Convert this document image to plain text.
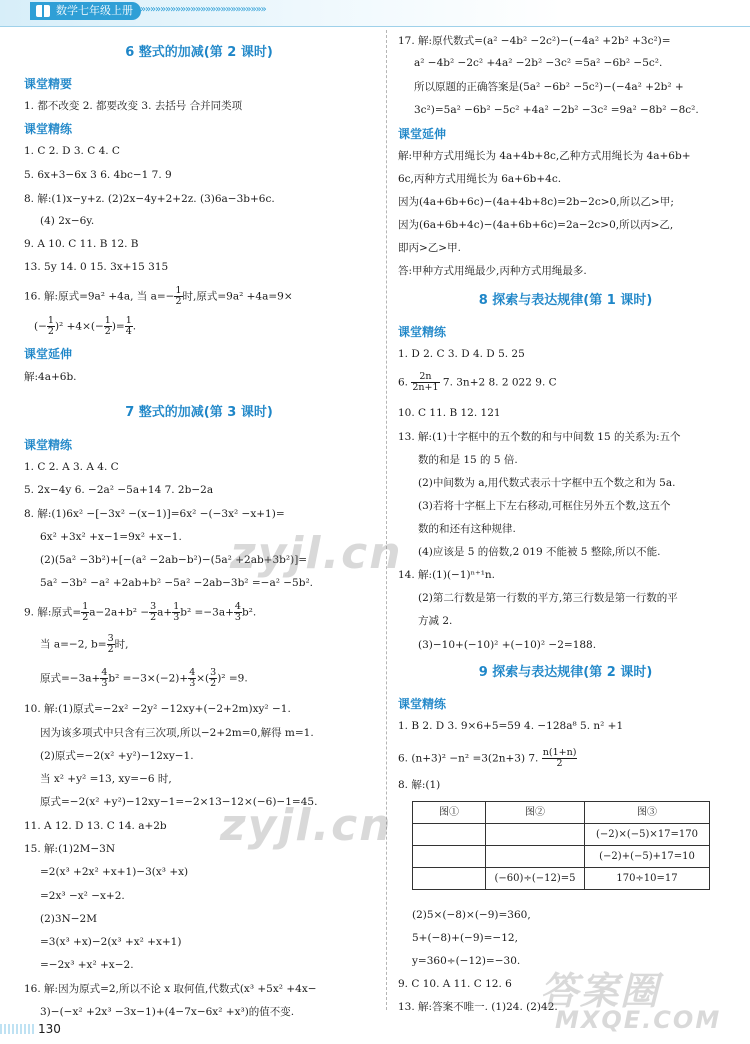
数学七年级上册 »»»»»»»»»»»»»»»»»»»»»»»»»
6 整式的加减(第 2 课时)
课堂精要
1. 都不改变 2. 都要改变 3. 去括号 合并同类项
课堂精练
1. C 2. D 3. C 4. C
5. 6x+3−6x 3 6. 4bc−1 7. 9
8. 解:(1)x−y+z. (2)2x−4y+2+2z. (3)6a−3b+6c.
(4) 2x−6y.
9. A 10. C 11. B 12. B
13. 5y 14. 0 15. 3x+15 315
16. 解:原式=9a² +4a, 当 $a=- \frac{1}{2}$ 时,原式=9a² +4a=9×
(− $\frac{1}{2} )^2 +4\times(- \frac{1}{2}$ )= $\frac{1}{4}$ .
课堂延伸
解:4a+6b.
7 整式的加减(第 3 课时)
课堂精练
1. C 2. A 3. A 4. C
5. 2x−4y 6. −2a² −5a+14 7. 2b−2a
8. 解:(1)6x² −[−3x² −(x−1)]=6x² −(−3x² −x+1)=
6x² +3x² +x−1=9x² +x−1.
(2)(5a² −3b²)+[−(a² −2ab−b²)−(5a² +2ab+3b²)]=
5a² −3b² −a² +2ab+b² −5a² −2ab−3b² =−a² −5b².
9. 解:原式= $\frac{1}{2} a-2a+b^2 - \frac{3}{2} a+ \frac{1}{3} b^2 =-3a+ \frac{4}{3} b^2$.
当 a=−2, $b= \frac{3}{2}$ 时,
原式$=-3a+ \frac{4}{3} b^2 =-3\times(-2)+ \frac{4}{3}$ ×( $\frac{3}{2} )^2 =9$.
10. 解:(1)原式=−2x² −2y² −12xy+(−2+2m)xy² −1.
因为该多项式中只含有三次项,所以−2+2m=0,解得 m=1.
(2)原式=−2(x² +y²)−12xy−1.
当 x² +y² =13, xy=−6 时,
原式=−2(x² +y²)−12xy−1=−2×13−12×(−6)−1=45.
11. A 12. D 13. C 14. a+2b
15. 解:(1)2M−3N
=2(x³ +2x² +x+1)−3(x³ +x)
=2x³ −x² −x+2.
(2)3N−2M
=3(x³ +x)−2(x³ +x² +x+1)
=−2x³ +x² +x−2.
16. 解:因为原式=2,所以不论 x 取何值,代数式(x³ +5x² +4x−
3)−(−x² +2x³ −3x−1)+(4−7x−6x² +x³)的值不变.
17. 解:原代数式=(a² −4b² −2c²)−(−4a² +2b² +3c²)=
a² −4b² −2c² +4a² −2b² −3c² =5a² −6b² −5c².
所以原题的正确答案是(5a² −6b² −5c²)−(−4a² +2b² +
3c²)=5a² −6b² −5c² +4a² −2b² −3c² =9a² −8b² −8c².
课堂延伸
解:甲种方式用绳长为 4a+4b+8c,乙种方式用绳长为 4a+6b+
6c,丙种方式用绳长为 6a+6b+4c.
因为(4a+6b+6c)−(4a+4b+8c)=2b−2c>0,所以乙>甲;
因为(6a+6b+4c)−(4a+6b+6c)=2a−2c>0,所以丙>乙,
即丙>乙>甲.
答:甲种方式用绳最少,丙种方式用绳最多.
8 探索与表达规律(第 1 课时)
课堂精练
1. D 2. C 3. D 4. D 5. 25
6. $\frac{2n}{2n+1} 7$. 3n+2 8. 2 022 9. C
10. C 11. B 12. 121
13. 解:(1)十字框中的五个数的和与中间数 15 的关系为:五个
数的和是 15 的 5 倍.
(2)中间数为 a,用代数式表示十字框中五个数之和为 5a.
(3)若将十字框上下左右移动,可框住另外五个数,这五个
数的和还有这种规律.
(4)应该是 5 的倍数,2 019 不能被 5 整除,所以不能.
14. 解:(1)(−1)ⁿ⁺¹n.
(2)第二行数是第一行数的平方,第三行数是第一行数的平
方减 2.
(3)−10+(−10)² +(−10)² −2=188.
9 探索与表达规律(第 2 课时)
课堂精练
1. B 2. D 3. 9×6+5=59 4. −128a⁸ 5. n² +1
6. (n+3)² −n² =3(2n+3) 7. $\frac{n(1+n)}{2}$
8. 解:(1)
图①	图②	图③
		(−2)×(−5)×17=170
		(−2)+(−5)+17=10
	(−60)÷(−12)=5	170÷10=17
(2)5×(−8)×(−9)=360,
5+(−8)+(−9)=−12,
y=360÷(−12)=−30.
9. C 10. A 11. C 12. 6
13. 解:答案不唯一. (1)24. (2)42.
zyjl.cn
zyjl.cn
答案圈
MXQE.COM
130
